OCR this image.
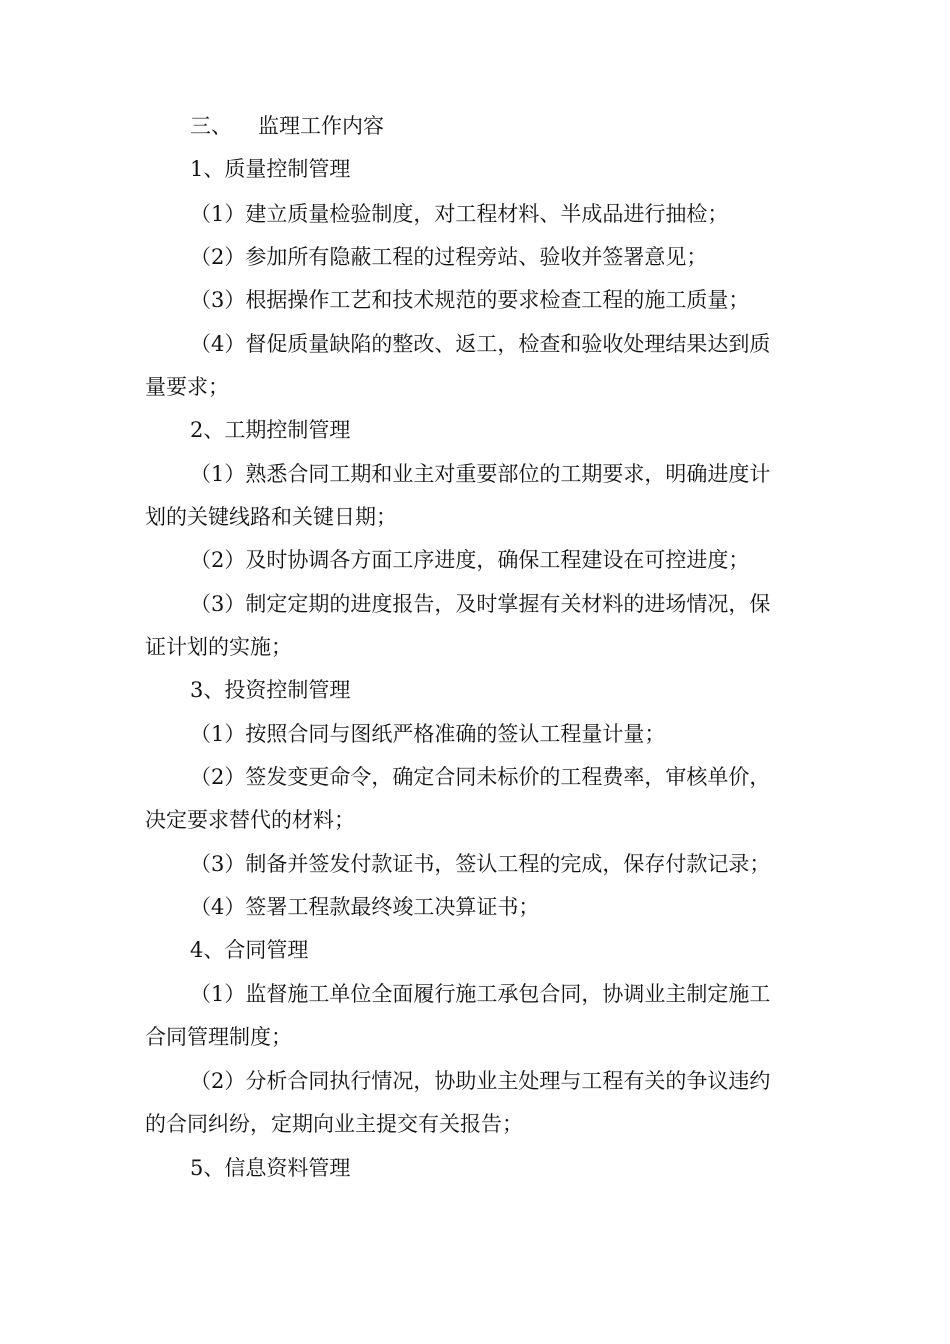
三、 监理工作内容

1、质量控制管理

（1）建立质量检验制度，对工程材料、半成品进行抽检；

（2）参加所有隐蔽工程的过程旁站、验收并签署意见；

（3）根据操作工艺和技术规范的要求检查工程的施工质量；

（4）督促质量缺陷的整改、返工，检查和验收处理结果达到质

量要求；

2、工期控制管理

（1）熟悉合同工期和业主对重要部位的工期要求，明确进度计

划的关键线路和关键日期；

（2）及时协调各方面工序进度，确保工程建设在可控进度；

（3）制定定期的进度报告，及时掌握有关材料的进场情况，保

证计划的实施；

3、投资控制管理

（1）按照合同与图纸严格准确的签认工程量计量；

（2）签发变更命令，确定合同未标价的工程费率，审核单价，

决定要求替代的材料；

（3）制备并签发付款证书，签认工程的完成，保存付款记录；

（4）签署工程款最终竣工决算证书；

4、合同管理

（1）监督施工单位全面履行施工承包合同，协调业主制定施工

合同管理制度；

（2）分析合同执行情况，协助业主处理与工程有关的争议违约

的合同纠纷，定期向业主提交有关报告；

5、信息资料管理
